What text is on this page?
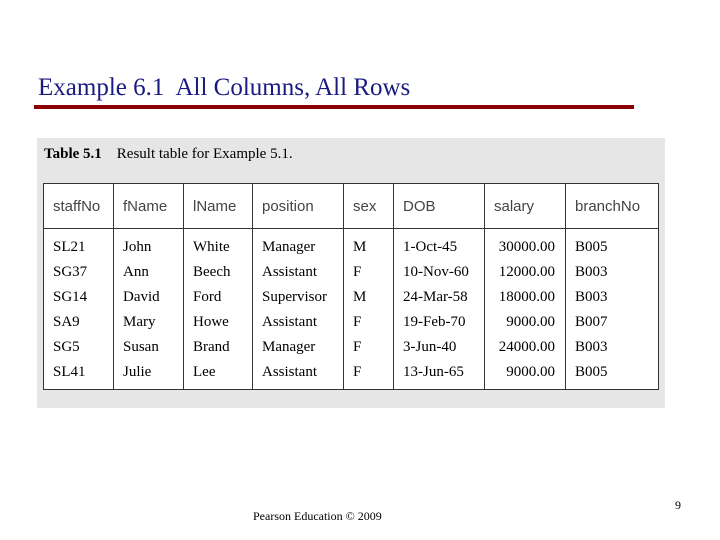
Example 6.1  All Columns, All Rows
Table 5.1 Result table for Example 5.1.
staffNo	fName	lName	position	sex	DOB	salary	branchNo
SL21	John	White	Manager	M	1-Oct-45	30000.00	B005
SG37	Ann	Beech	Assistant	F	10-Nov-60	12000.00	B003
SG14	David	Ford	Supervisor	M	24-Mar-58	18000.00	B003
SA9	Mary	Howe	Assistant	F	19-Feb-70	9000.00	B007
SG5	Susan	Brand	Manager	F	3-Jun-40	24000.00	B003
SL41	Julie	Lee	Assistant	F	13-Jun-65	9000.00	B005
Pearson Education © 2009
9
